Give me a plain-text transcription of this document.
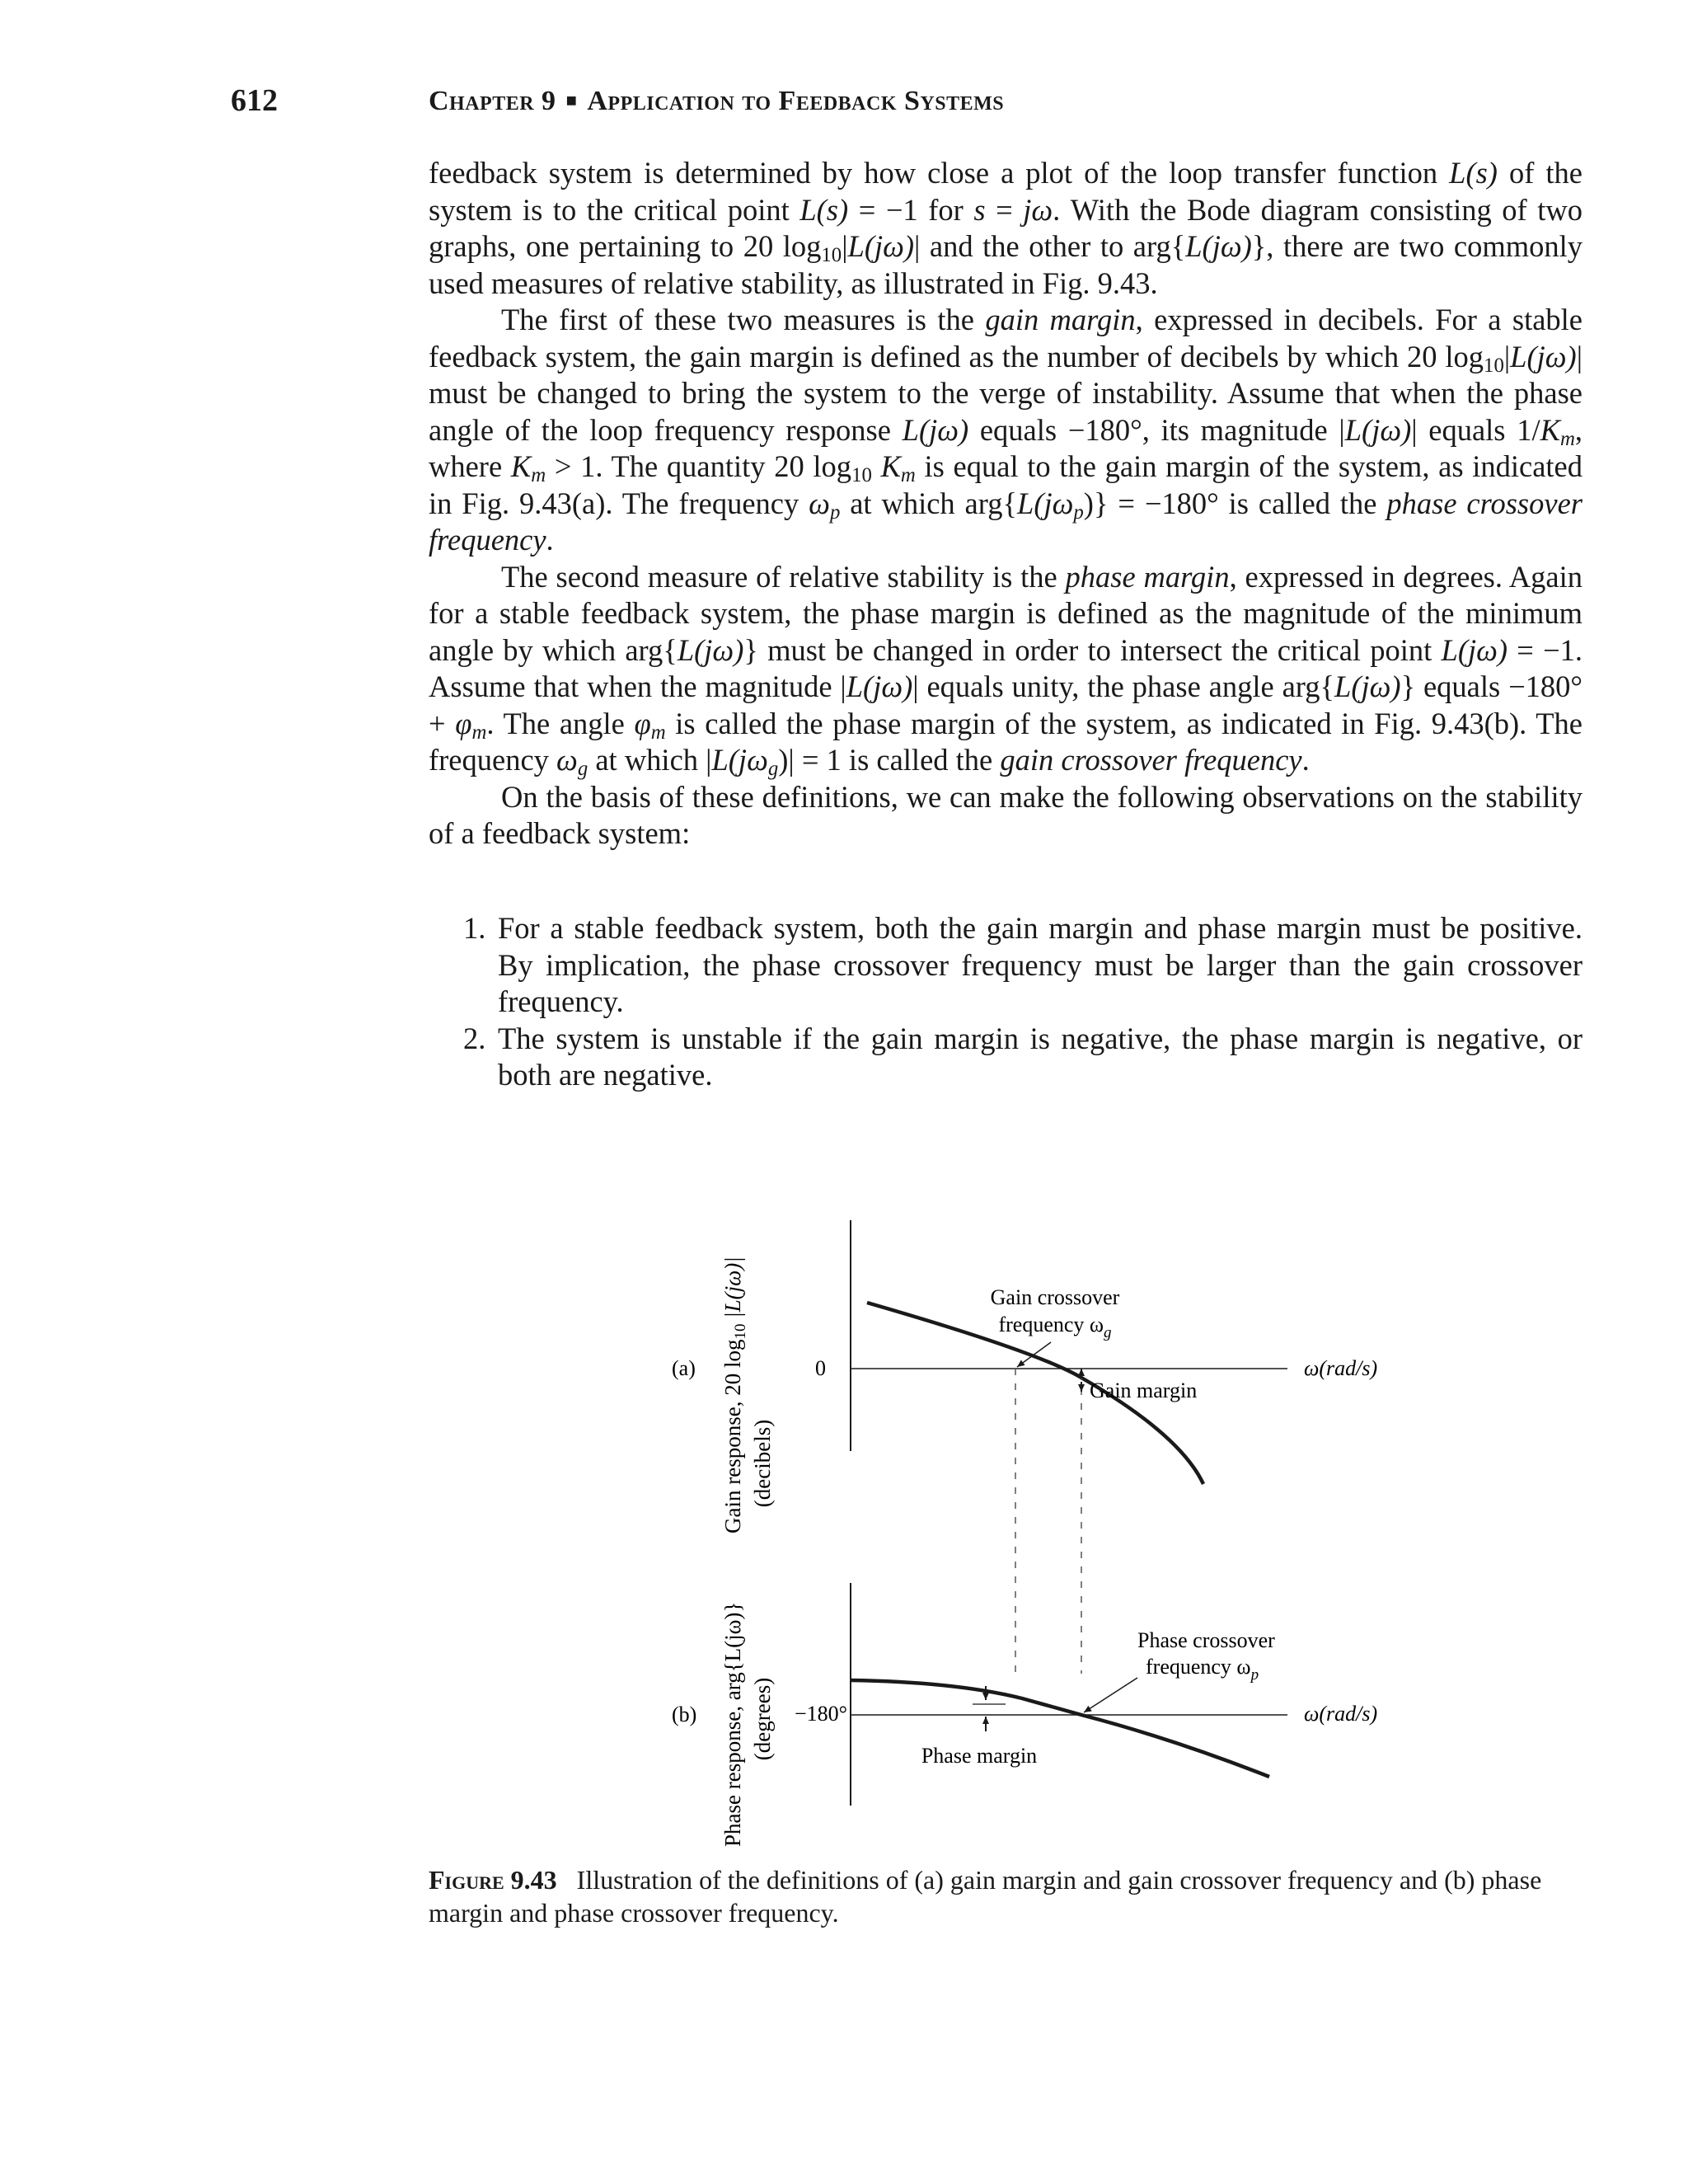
612	Chapter 9 ■ Application to Feedback Systems

feedback system is determined by how close a plot of the loop transfer function L(s) of the system is to the critical point L(s) = −1 for s = jω. With the Bode diagram consisting of two graphs, one pertaining to 20 $\log_{10}|L(j\omega)|$ and the other to arg{L(jω)}, there are two commonly used measures of relative stability, as illustrated in Fig. 9.43.

The first of these two measures is the gain margin, expressed in decibels. For a stable feedback system, the gain margin is defined as the number of decibels by which 20 $\log_{10}|L(j\omega)|$ must be changed to bring the system to the verge of instability. Assume that when the phase angle of the loop frequency response L(jω) equals −180°, its magnitude |L(jω)| equals $1/K_m$, where $K_m > 1$. The quantity 20 $\log_{10} K_m$ is equal to the gain margin of the system, as indicated in Fig. 9.43(a). The frequency $\omega_p$ at which $arg\{L(j\omega_p)\} = -180^\circ$ is called the phase crossover frequency.

The second measure of relative stability is the phase margin, expressed in degrees. Again for a stable feedback system, the phase margin is defined as the magnitude of the minimum angle by which arg{L(jω)} must be changed in order to intersect the critical point L(jω) = −1. Assume that when the magnitude |L(jω)| equals unity, the phase angle arg{L(jω)} equals $-180^\circ + \varphi_m$. The angle $\varphi_m$ is called the phase margin of the system, as indicated in Fig. 9.43(b). The frequency $\omega_g$ at which $|L(j\omega_g)| = 1$ is called the gain crossover frequency.

On the basis of these definitions, we can make the following observations on the stability of a feedback system:

1. For a stable feedback system, both the gain margin and phase margin must be positive. By implication, the phase crossover frequency must be larger than the gain crossover frequency.
2. The system is unstable if the gain margin is negative, the phase margin is negative, or both are negative.
(a) Gain response, 20 $\log_{10} |L(j\omega)|$
(decibels)
0	ω(rad/s)
Gain crossover
frequency $\omega_g$
Gain margin
(b) Phase response, arg{L(jω)} (degrees) −180°	ω(rad/s)
Phase crossover
frequency $\omega_p$
Phase margin
Figure 9.43 Illustration of the definitions of (a) gain margin and gain crossover frequency and (b) phase margin and phase crossover frequency.
